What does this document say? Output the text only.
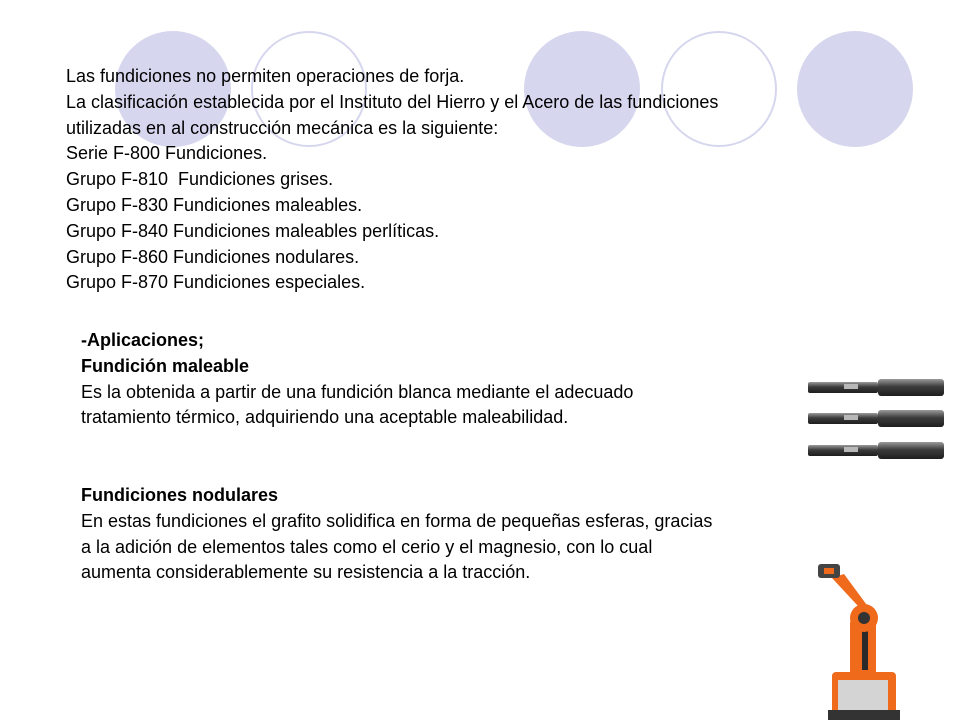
Las fundiciones no permiten operaciones de forja.
La clasificación establecida por el Instituto del Hierro y el Acero de las fundiciones
utilizadas en al construcción mecánica es la siguiente:
Serie F-800 Fundiciones.
Grupo F-810  Fundiciones grises.
Grupo F-830 Fundiciones maleables.
Grupo F-840 Fundiciones maleables perlíticas.
Grupo F-860 Fundiciones nodulares.
Grupo F-870 Fundiciones especiales.
-Aplicaciones;
Fundición maleable
Es la obtenida a partir de una fundición blanca mediante el adecuado
tratamiento térmico, adquiriendo una aceptable maleabilidad.
Fundiciones nodulares
En estas fundiciones el grafito solidifica en forma de pequeñas esferas, gracias
a la adición de elementos tales como el cerio y el magnesio, con lo cual
aumenta considerablemente su resistencia a la tracción.
